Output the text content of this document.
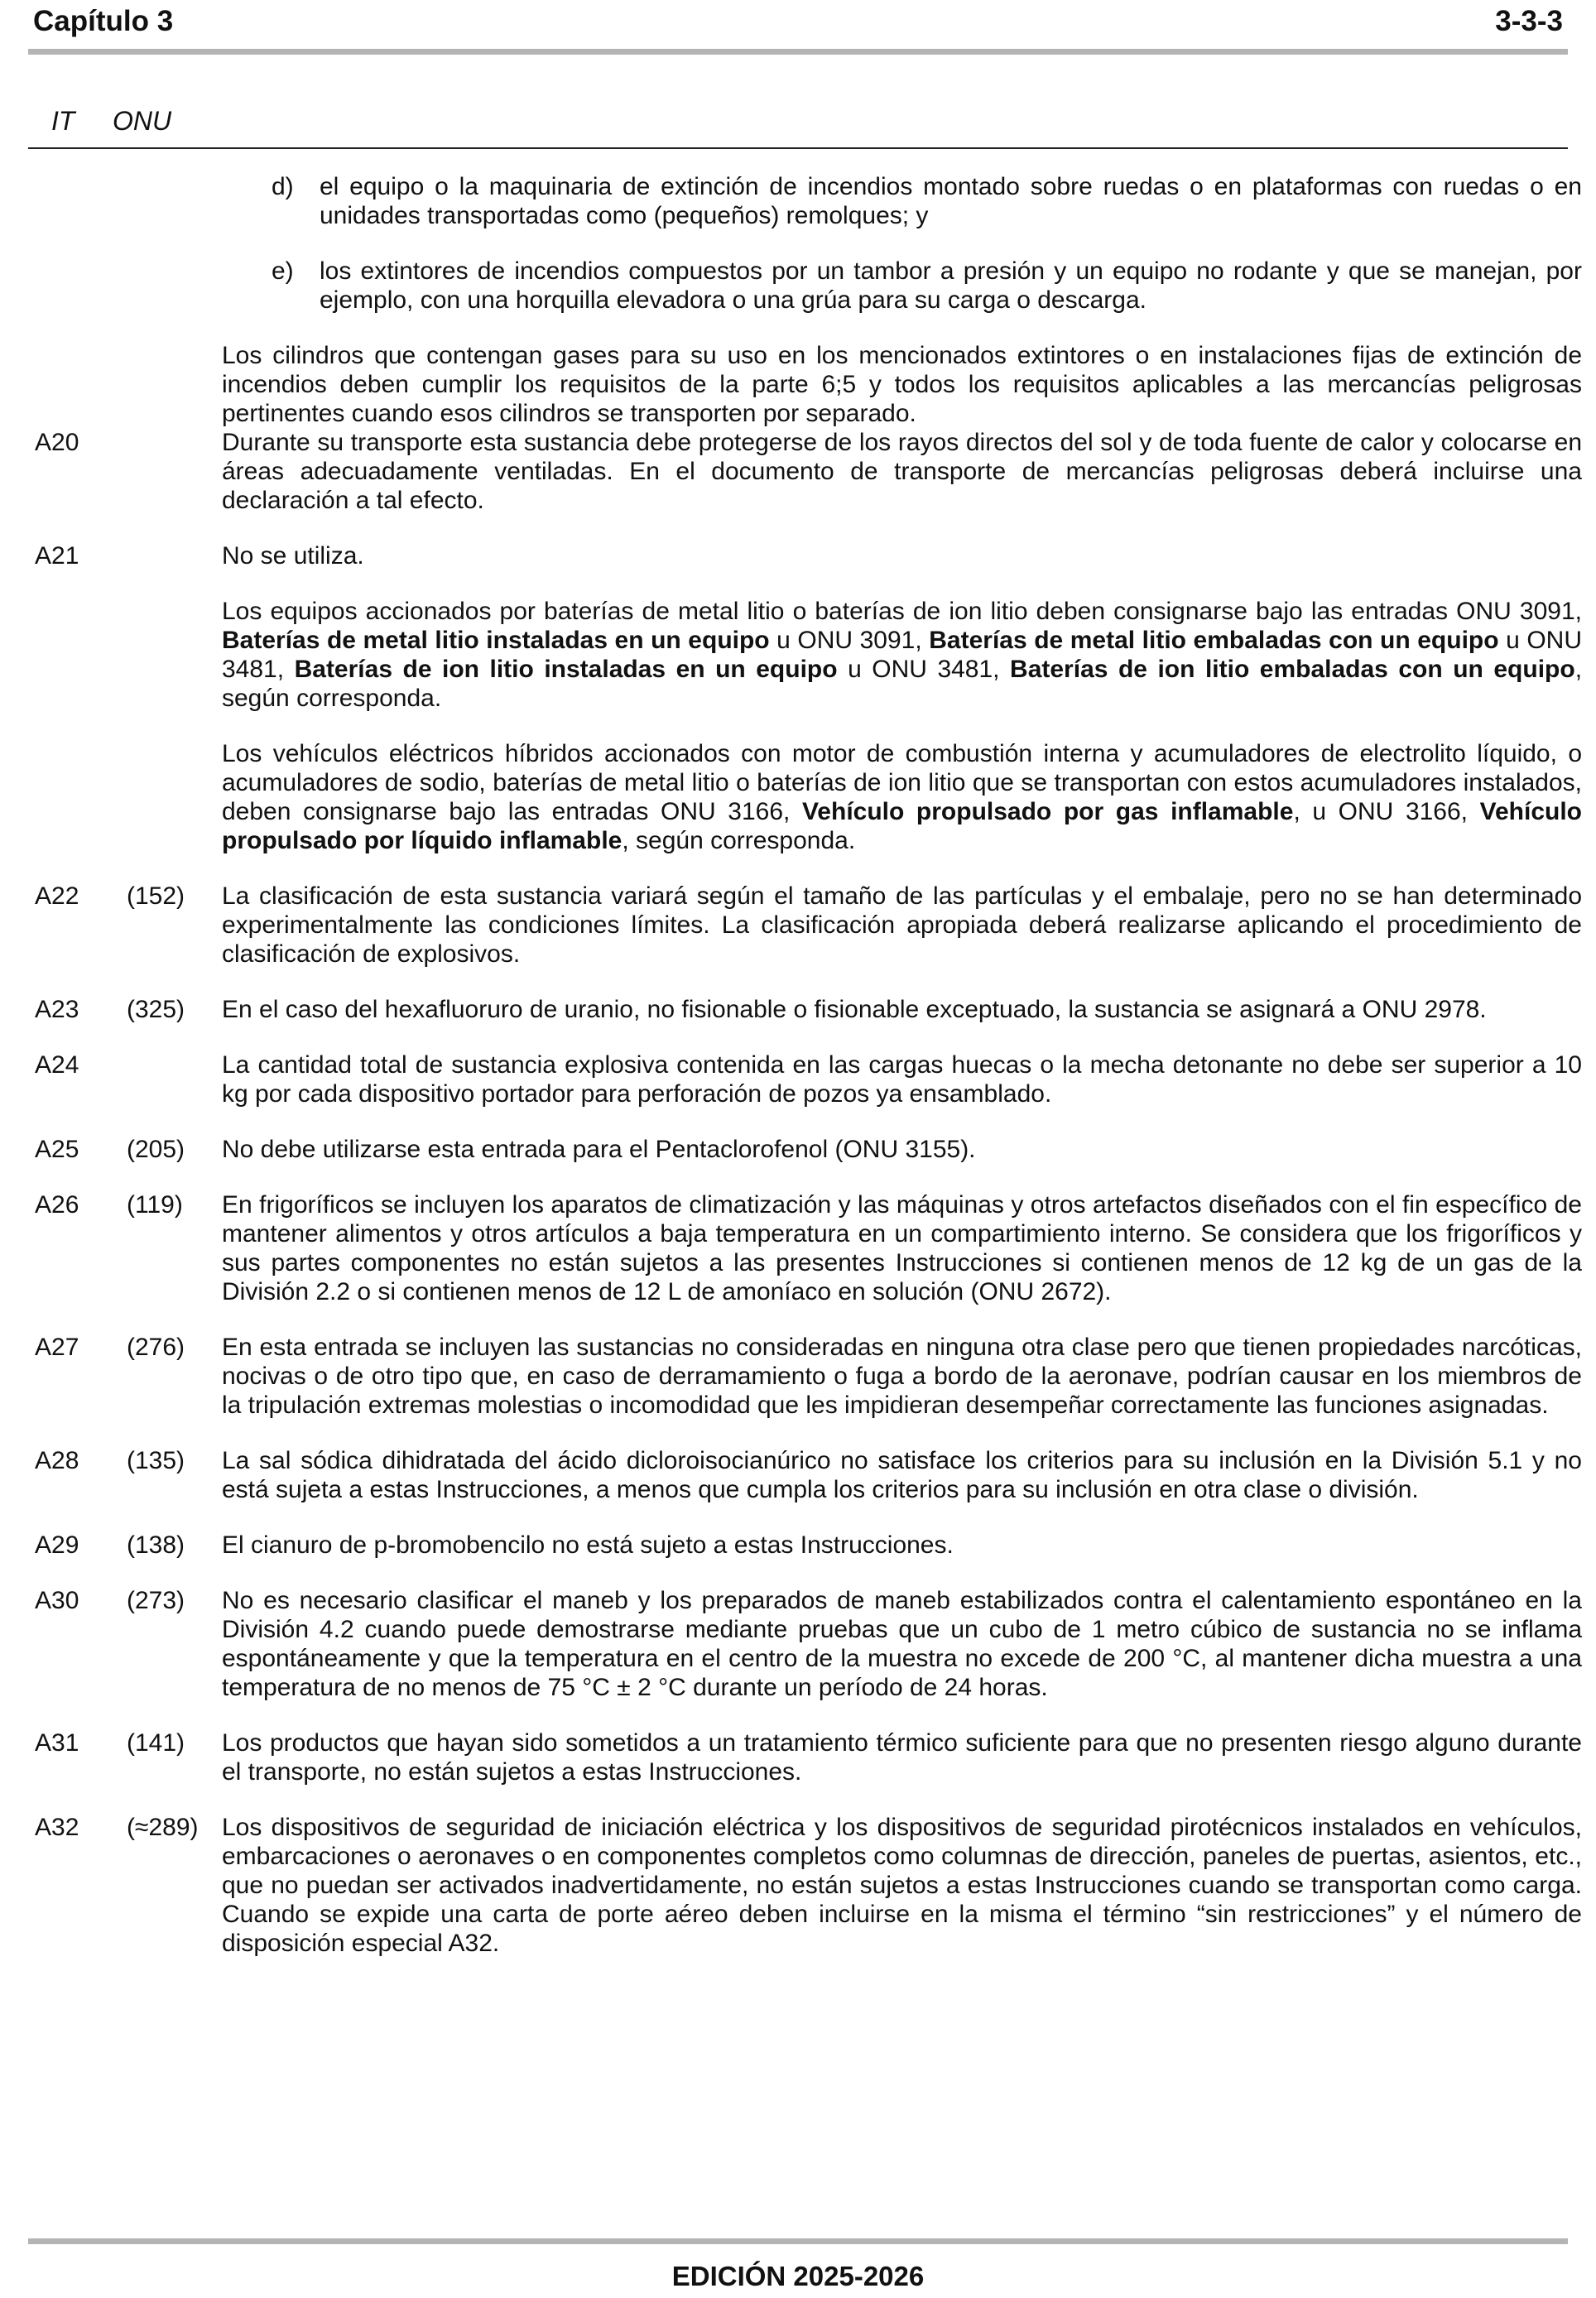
Capítulo 3	3-3-3
IT ONU
d) el equipo o la maquinaria de extinción de incendios montado sobre ruedas o en plataformas con ruedas o en unidades transportadas como (pequeños) remolques; y
e) los extintores de incendios compuestos por un tambor a presión y un equipo no rodante y que se manejan, por ejemplo, con una horquilla elevadora o una grúa para su carga o descarga.
Los cilindros que contengan gases para su uso en los mencionados extintores o en instalaciones fijas de extinción de incendios deben cumplir los requisitos de la parte 6;5 y todos los requisitos aplicables a las mercancías peligrosas pertinentes cuando esos cilindros se transporten por separado.
A20	Durante su transporte esta sustancia debe protegerse de los rayos directos del sol y de toda fuente de calor y colocarse en áreas adecuadamente ventiladas. En el documento de transporte de mercancías peligrosas deberá incluirse una declaración a tal efecto.
A21	No se utiliza.
Los equipos accionados por baterías de metal litio o baterías de ion litio deben consignarse bajo las entradas ONU 3091, Baterías de metal litio instaladas en un equipo u ONU 3091, Baterías de metal litio embaladas con un equipo u ONU 3481, Baterías de ion litio instaladas en un equipo u ONU 3481, Baterías de ion litio embaladas con un equipo, según corresponda.
Los vehículos eléctricos híbridos accionados con motor de combustión interna y acumuladores de electrolito líquido, o acumuladores de sodio, baterías de metal litio o baterías de ion litio que se transportan con estos acumuladores instalados, deben consignarse bajo las entradas ONU 3166, Vehículo propulsado por gas inflamable, u ONU 3166, Vehículo propulsado por líquido inflamable, según corresponda.
A22 (152) La clasificación de esta sustancia variará según el tamaño de las partículas y el embalaje, pero no se han determinado experimentalmente las condiciones límites. La clasificación apropiada deberá realizarse aplicando el procedimiento de clasificación de explosivos.
A23 (325) En el caso del hexafluoruro de uranio, no fisionable o fisionable exceptuado, la sustancia se asignará a ONU 2978.
A24	La cantidad total de sustancia explosiva contenida en las cargas huecas o la mecha detonante no debe ser superior a 10 kg por cada dispositivo portador para perforación de pozos ya ensamblado.
A25 (205) No debe utilizarse esta entrada para el Pentaclorofenol (ONU 3155).
A26 (119) En frigoríficos se incluyen los aparatos de climatización y las máquinas y otros artefactos diseñados con el fin específico de mantener alimentos y otros artículos a baja temperatura en un compartimiento interno. Se considera que los frigoríficos y sus partes componentes no están sujetos a las presentes Instrucciones si contienen menos de 12 kg de un gas de la División 2.2 o si contienen menos de 12 L de amoníaco en solución (ONU 2672).
A27 (276) En esta entrada se incluyen las sustancias no consideradas en ninguna otra clase pero que tienen propiedades narcóticas, nocivas o de otro tipo que, en caso de derramamiento o fuga a bordo de la aeronave, podrían causar en los miembros de la tripulación extremas molestias o incomodidad que les impidieran desempeñar correctamente las funciones asignadas.
A28 (135) La sal sódica dihidratada del ácido dicloroisocianúrico no satisface los criterios para su inclusión en la División 5.1 y no está sujeta a estas Instrucciones, a menos que cumpla los criterios para su inclusión en otra clase o división.
A29 (138) El cianuro de p-bromobencilo no está sujeto a estas Instrucciones.
A30 (273) No es necesario clasificar el maneb y los preparados de maneb estabilizados contra el calentamiento espontáneo en la División 4.2 cuando puede demostrarse mediante pruebas que un cubo de 1 metro cúbico de sustancia no se inflama espontáneamente y que la temperatura en el centro de la muestra no excede de 200 °C, al mantener dicha muestra a una temperatura de no menos de 75 °C ± 2 °C durante un período de 24 horas.
A31 (141) Los productos que hayan sido sometidos a un tratamiento térmico suficiente para que no presenten riesgo alguno durante el transporte, no están sujetos a estas Instrucciones.
A32 (≈289) Los dispositivos de seguridad de iniciación eléctrica y los dispositivos de seguridad pirotécnicos instalados en vehículos, embarcaciones o aeronaves o en componentes completos como columnas de dirección, paneles de puertas, asientos, etc., que no puedan ser activados inadvertidamente, no están sujetos a estas Instrucciones cuando se transportan como carga. Cuando se expide una carta de porte aéreo deben incluirse en la misma el término “sin restricciones” y el número de disposición especial A32.
EDICIÓN 2025-2026
